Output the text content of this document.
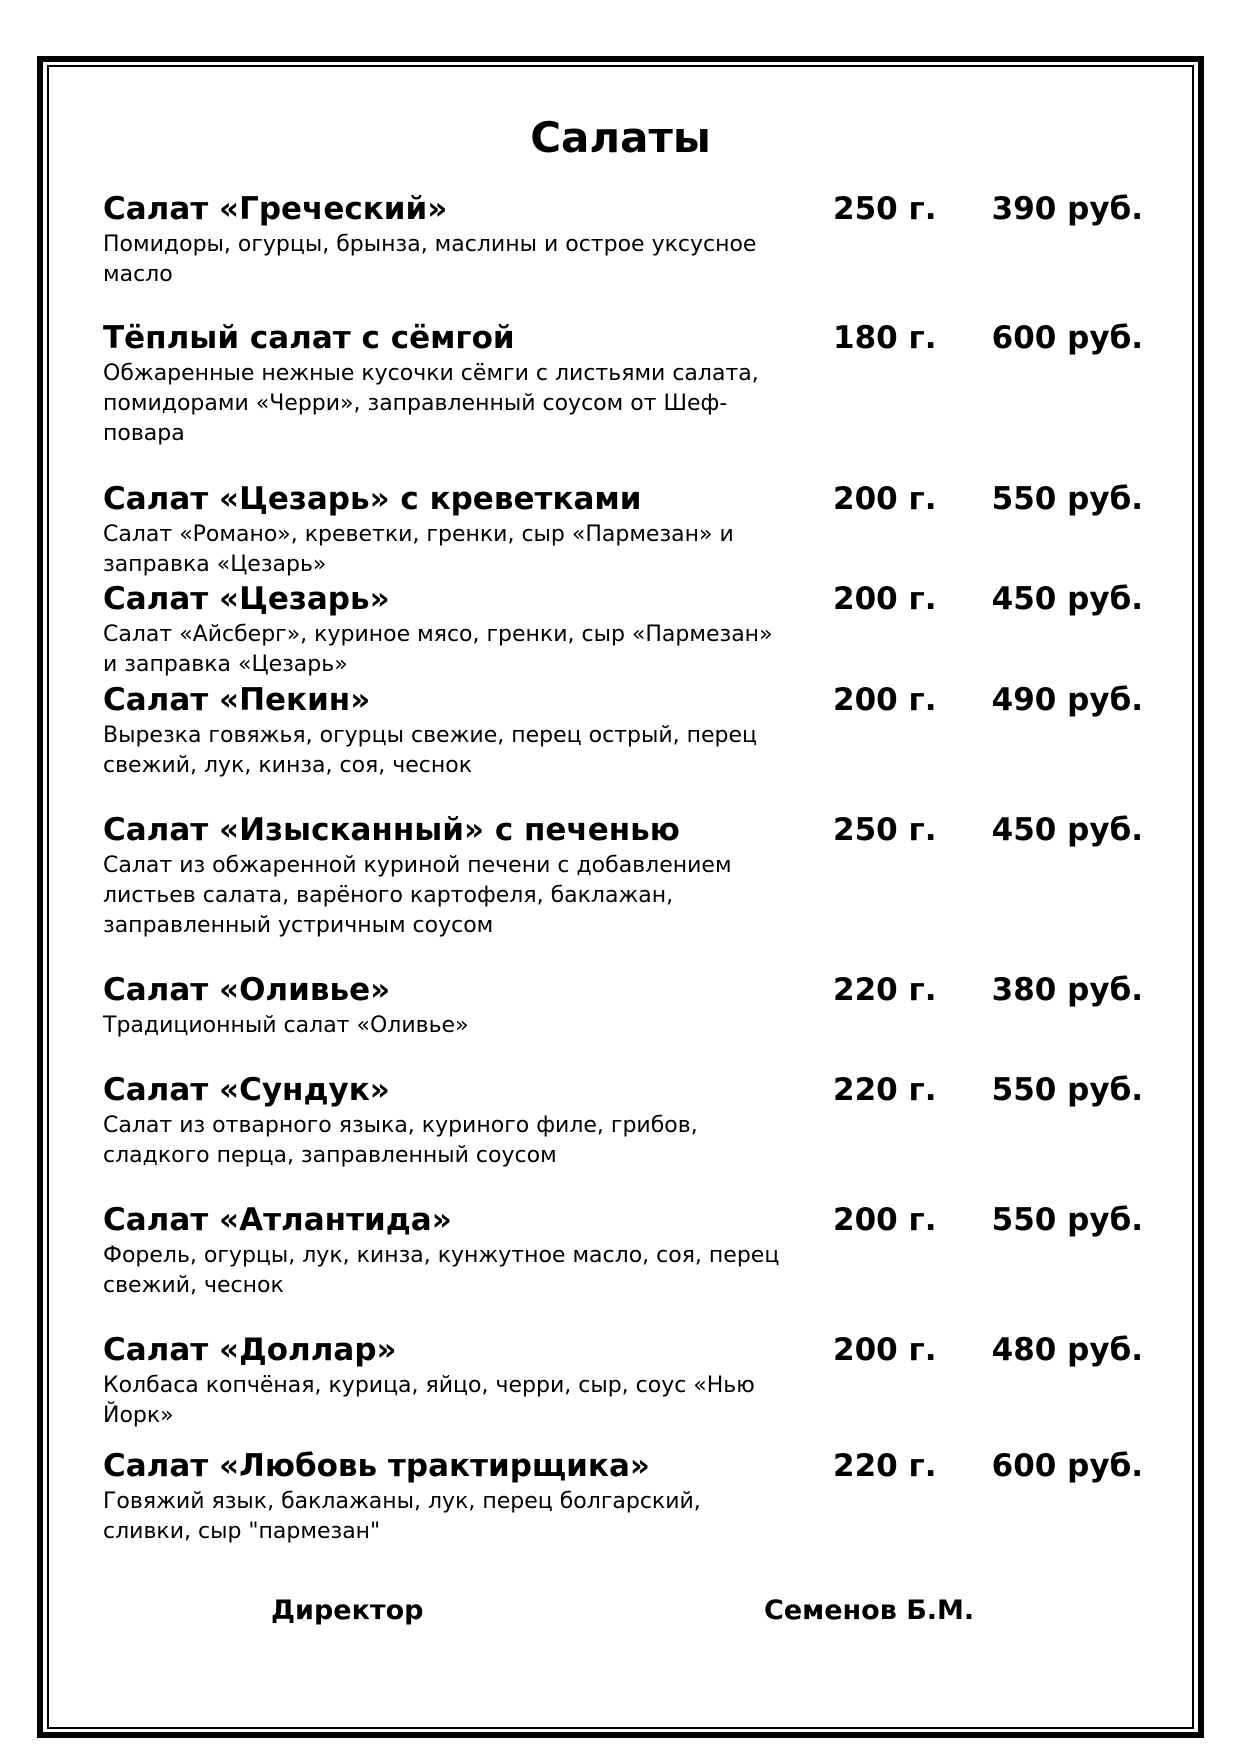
Салаты
Салат «Греческий»	250 г. 390 руб.
Помидоры, огурцы, брынза, маслины и острое уксусное масло
Тёплый салат с сёмгой	180 г. 600 руб.
Обжаренные нежные кусочки сёмги с листьями салата, помидорами «Черри», заправленный соусом от Шеф-повара
Салат «Цезарь» с креветками	200 г. 550 руб.
Салат «Романо», креветки, гренки, сыр «Пармезан» и заправка «Цезарь»
Салат «Цезарь»	200 г. 450 руб.
Салат «Айсберг», куриное мясо, гренки, сыр «Пармезан» и заправка «Цезарь»
Салат «Пекин»	200 г. 490 руб.
Вырезка говяжья, огурцы свежие, перец острый, перец свежий, лук, кинза, соя, чеснок
Салат «Изысканный» с печенью	250 г. 450 руб.
Салат из обжаренной куриной печени с добавлением листьев салата, варёного картофеля, баклажан, заправленный устричным соусом
Салат «Оливье»	220 г. 380 руб.
Традиционный салат «Оливье»
Салат «Сундук»	220 г. 550 руб.
Салат из отварного языка, куриного филе, грибов, сладкого перца, заправленный соусом
Салат «Атлантида»	200 г. 550 руб.
Форель, огурцы, лук, кинза, кунжутное масло, соя, перец свежий, чеснок
Салат «Доллар»	200 г. 480 руб.
Колбаса копчёная, курица, яйцо, черри, сыр, соус «Нью Йорк»
Салат «Любовь трактирщика»	220 г. 600 руб.
Говяжий язык, баклажаны, лук, перец болгарский, сливки, сыр "пармезан"
Директор	Семенов Б.М.
